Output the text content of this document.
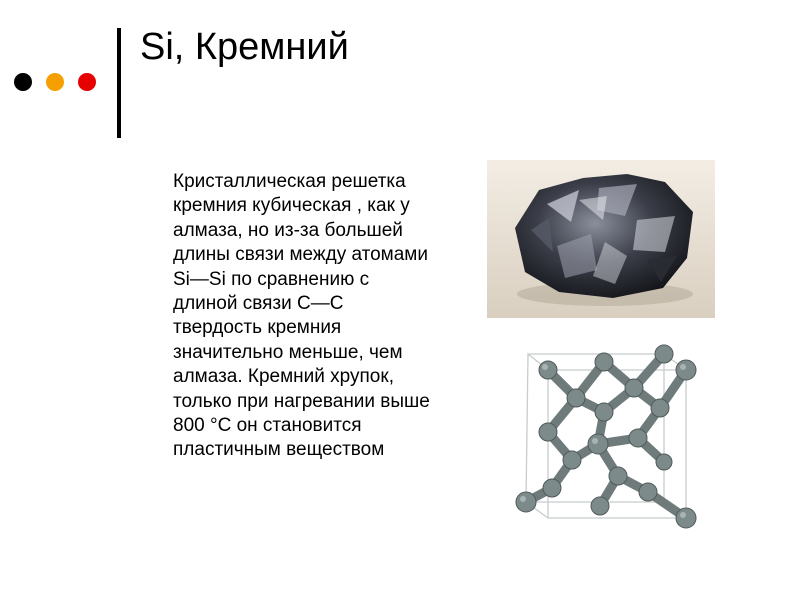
Si, Кремний
Кристаллическая решетка кремния кубическая , как у алмаза, но из-за большей длины связи между атомами Si—Si по сравнению с длиной связи С—С твердость кремния значительно меньше, чем алмаза. Кремний хрупок, только при нагревании выше 800 °С он становится пластичным веществом
